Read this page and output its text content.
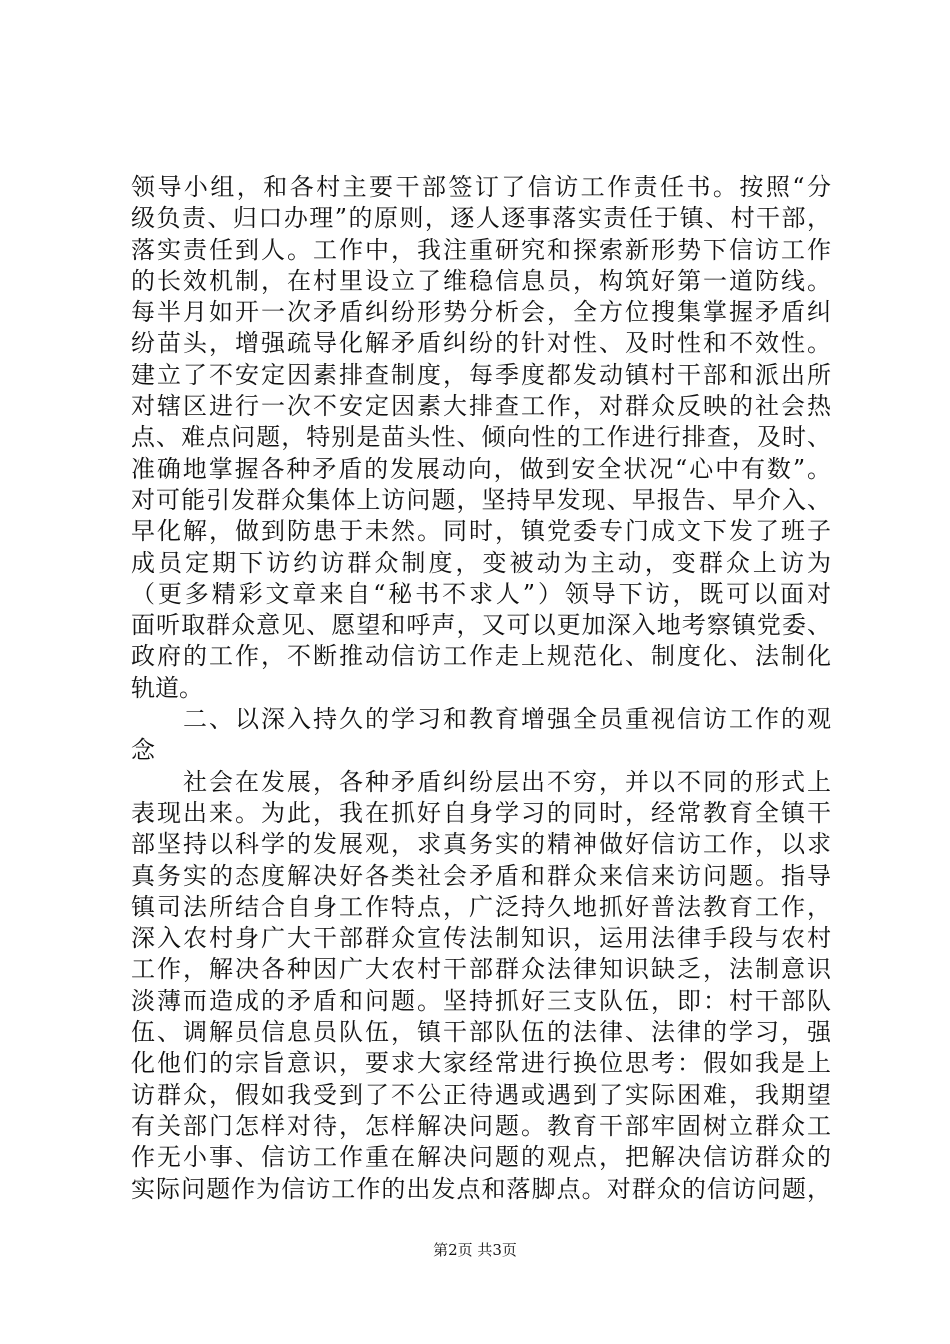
领导小组，和各村主要干部签订了信访工作责任书。按照“分
级负责、归口办理”的原则，逐人逐事落实责任于镇、村干部，
落实责任到人。工作中，我注重研究和探索新形势下信访工作
的长效机制，在村里设立了维稳信息员，构筑好第一道防线。
每半月如开一次矛盾纠纷形势分析会，全方位搜集掌握矛盾纠
纷苗头，增强疏导化解矛盾纠纷的针对性、及时性和不效性。
建立了不安定因素排查制度，每季度都发动镇村干部和派出所
对辖区进行一次不安定因素大排查工作，对群众反映的社会热
点、难点问题，特别是苗头性、倾向性的工作进行排查，及时、
准确地掌握各种矛盾的发展动向，做到安全状况“心中有数”。
对可能引发群众集体上访问题，坚持早发现、早报告、早介入、
早化解，做到防患于未然。同时，镇党委专门成文下发了班子
成员定期下访约访群众制度，变被动为主动，变群众上访为
（更多精彩文章来自“秘书不求人”）领导下访，既可以面对
面听取群众意见、愿望和呼声，又可以更加深入地考察镇党委、
政府的工作，不断推动信访工作走上规范化、制度化、法制化
轨道。
二、以深入持久的学习和教育增强全员重视信访工作的观
念
社会在发展，各种矛盾纠纷层出不穷，并以不同的形式上
表现出来。为此，我在抓好自身学习的同时，经常教育全镇干
部坚持以科学的发展观，求真务实的精神做好信访工作，以求
真务实的态度解决好各类社会矛盾和群众来信来访问题。指导
镇司法所结合自身工作特点，广泛持久地抓好普法教育工作，
深入农村身广大干部群众宣传法制知识，运用法律手段与农村
工作，解决各种因广大农村干部群众法律知识缺乏，法制意识
淡薄而造成的矛盾和问题。坚持抓好三支队伍，即：村干部队
伍、调解员信息员队伍，镇干部队伍的法律、法律的学习，强
化他们的宗旨意识，要求大家经常进行换位思考：假如我是上
访群众，假如我受到了不公正待遇或遇到了实际困难，我期望
有关部门怎样对待，怎样解决问题。教育干部牢固树立群众工
作无小事、信访工作重在解决问题的观点，把解决信访群众的
实际问题作为信访工作的出发点和落脚点。对群众的信访问题，
第2页 共3页
